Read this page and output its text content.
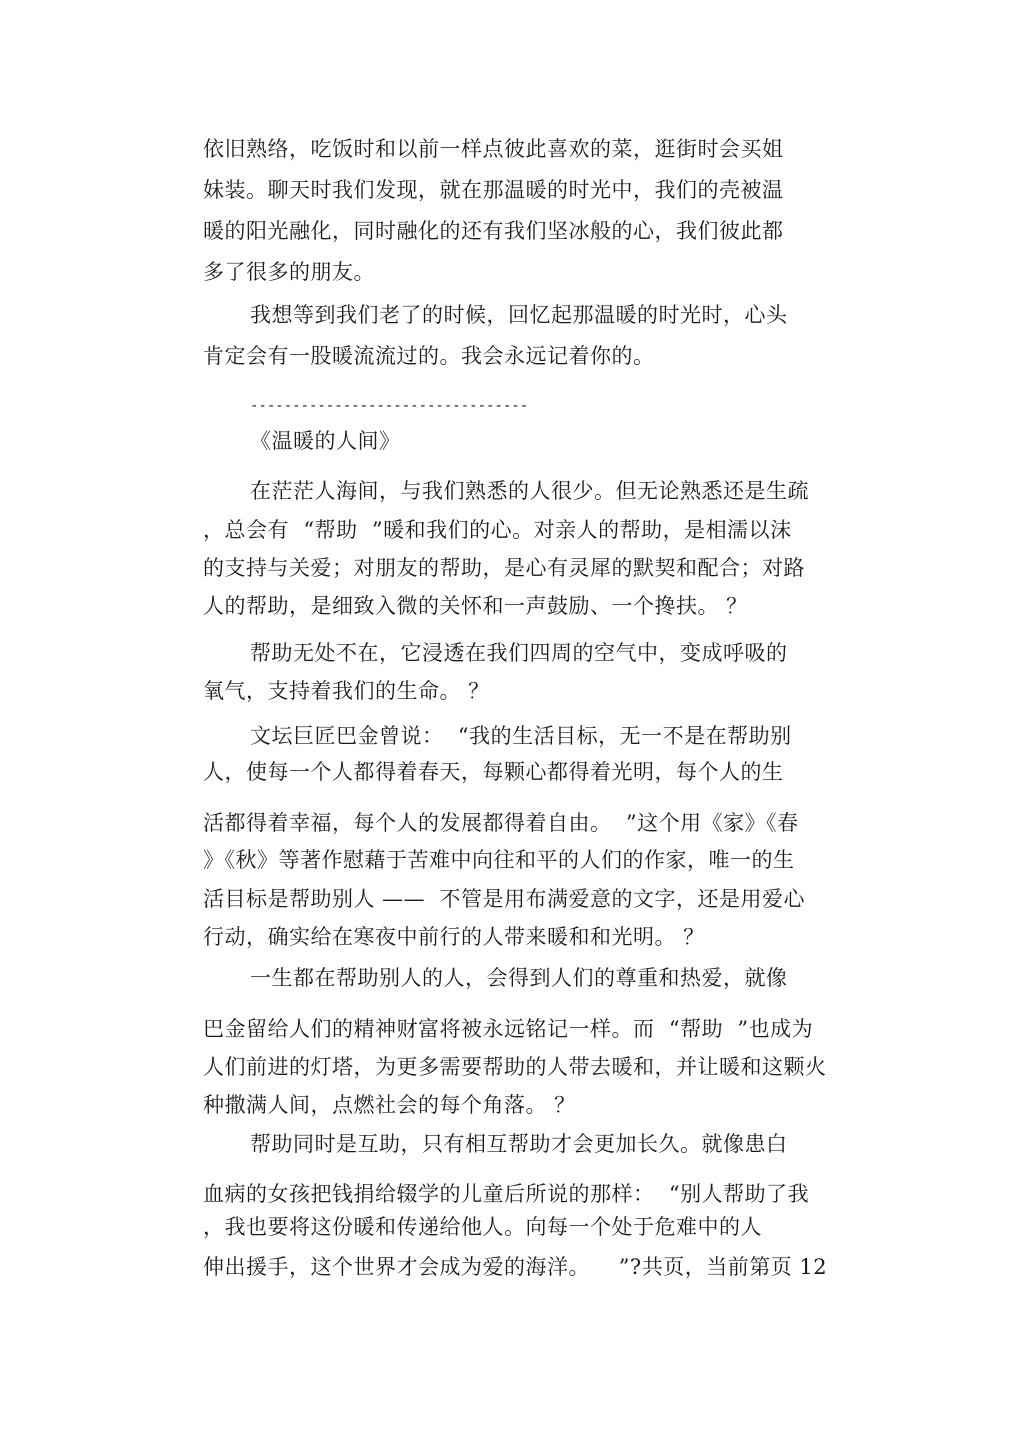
依旧熟络，吃饭时和以前一样点彼此喜欢的菜，逛街时会买姐
妹装。聊天时我们发现，就在那温暖的时光中，我们的壳被温
暖的阳光融化，同时融化的还有我们坚冰般的心，我们彼此都
多了很多的朋友。
我想等到我们老了的时候，回忆起那温暖的时光时，心头
肯定会有一股暖流流过的。我会永远记着你的。
---------------------------------
《温暖的人间》
在茫茫人海间，与我们熟悉的人很少。但无论熟悉还是生疏
，总会有  “帮助  ”暖和我们的心。对亲人的帮助，是相濡以沫
的支持与关爱；对朋友的帮助，是心有灵犀的默契和配合；对路
人的帮助，是细致入微的关怀和一声鼓励、一个搀扶。 ？
帮助无处不在，它浸透在我们四周的空气中，变成呼吸的
氧气，支持着我们的生命。 ？
文坛巨匠巴金曾说：  “我的生活目标，无一不是在帮助别
人，使每一个人都得着春天，每颗心都得着光明，每个人的生
活都得着幸福，每个人的发展都得着自由。  ”这个用《家》《春
》《秋》等著作慰藉于苦难中向往和平的人们的作家，唯一的生
活目标是帮助别人 ——  不管是用布满爱意的文字，还是用爱心
行动，确实给在寒夜中前行的人带来暖和和光明。 ？
一生都在帮助别人的人，会得到人们的尊重和热爱，就像
巴金留给人们的精神财富将被永远铭记一样。而  “帮助  ”也成为
人们前进的灯塔，为更多需要帮助的人带去暖和，并让暖和这颗火
种撒满人间，点燃社会的每个角落。 ？
帮助同时是互助，只有相互帮助才会更加长久。就像患白
血病的女孩把钱捐给辍学的儿童后所说的那样：  “别人帮助了我
，我也要将这份暖和传递给他人。向每一个处于危难中的人
伸出援手，这个世界才会成为爱的海洋。    ”?共页，当前第页 12
